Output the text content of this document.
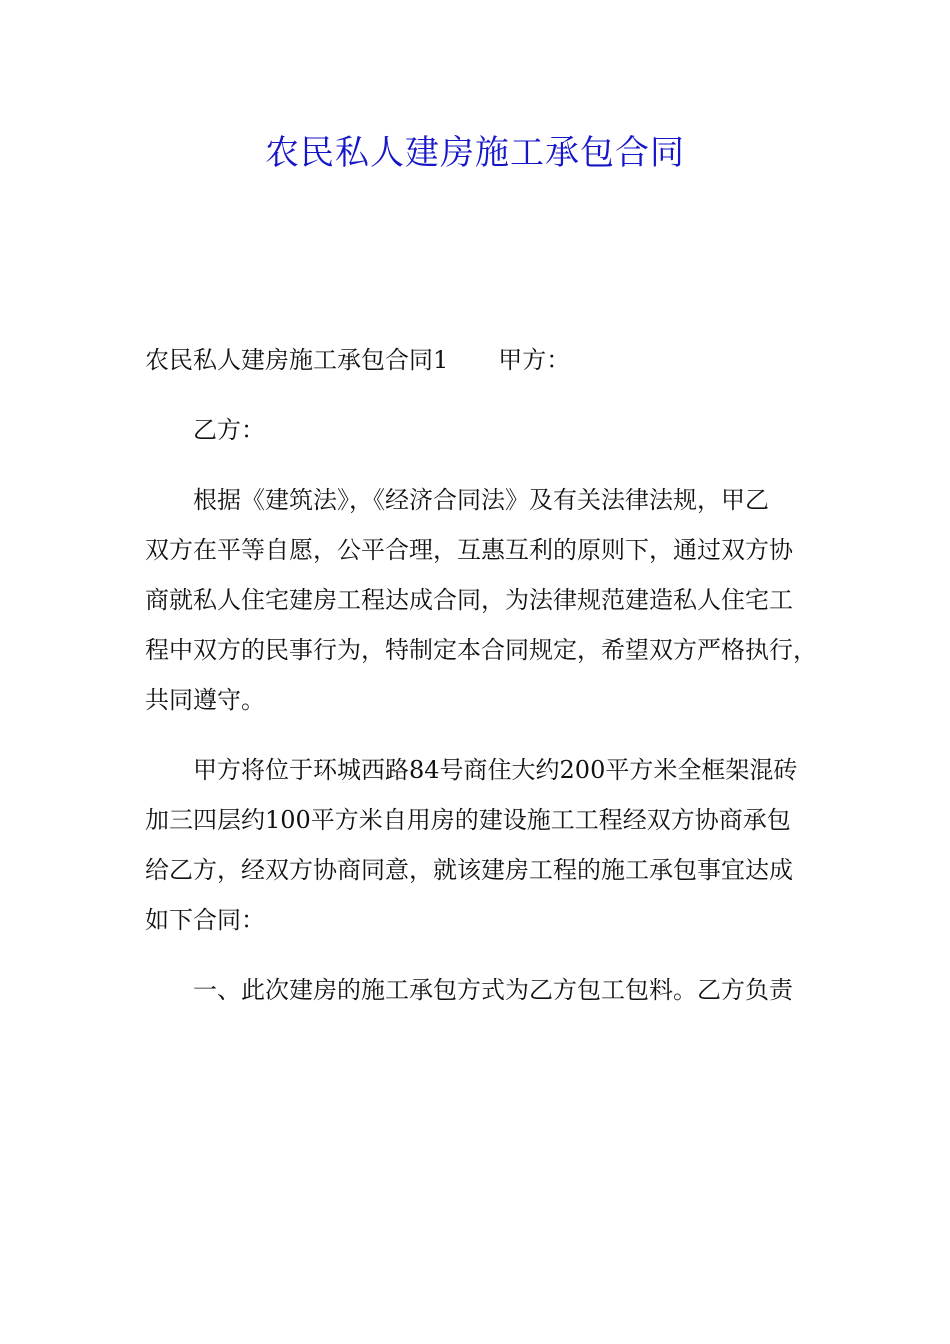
农民私人建房施工承包合同
农民私人建房施工承包合同1 甲方：

乙方：

根据《建筑法》，《经济合同法》及有关法律法规，甲乙
双方在平等自愿，公平合理，互惠互利的原则下，通过双方协
商就私人住宅建房工程达成合同，为法律规范建造私人住宅工
程中双方的民事行为，特制定本合同规定，希望双方严格执行，
共同遵守。

甲方将位于环城西路84号商住大约200平方米全框架混砖
加三四层约100平方米自用房的建设施工工程经双方协商承包
给乙方，经双方协商同意，就该建房工程的施工承包事宜达成
如下合同：

一、此次建房的施工承包方式为乙方包工包料。乙方负责
